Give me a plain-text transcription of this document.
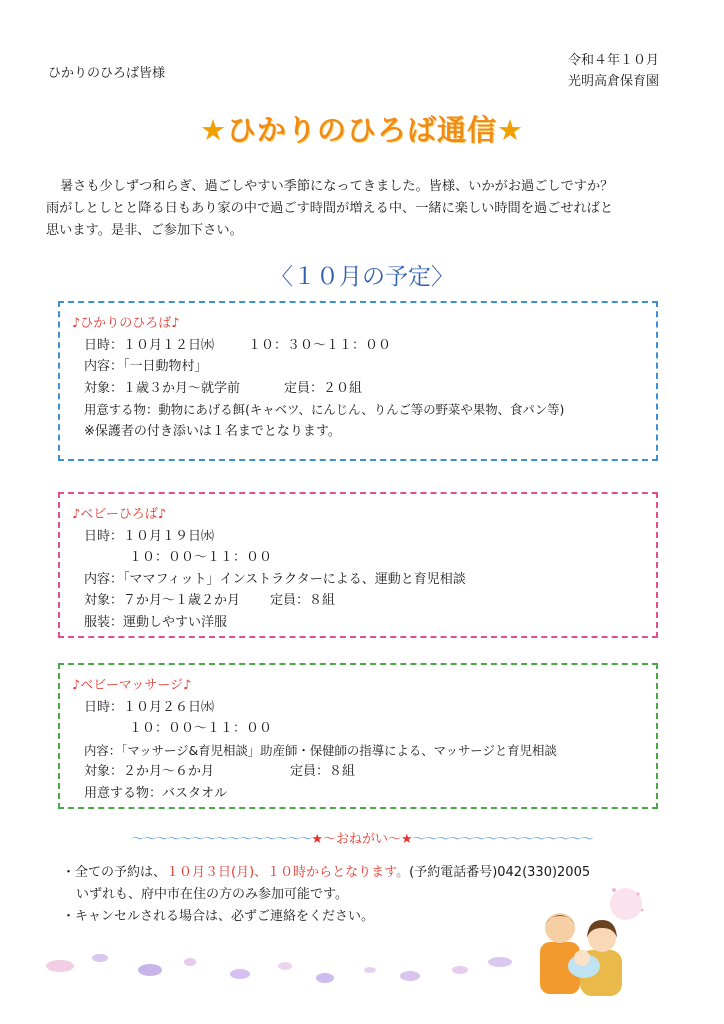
ひかりのひろば皆様
令和４年１０月
光明高倉保育園
★ひかりのひろば通信★
暑さも少しずつ和らぎ、過ごしやすい季節になってきました。皆様、いかがお過ごしですか？
雨がしとしとと降る日もあり家の中で過ごす時間が増える中、一緒に楽しい時間を過ごせればと
思います。是非、ご参加下さい。
〈１０月の予定〉
♪ひかりのひろば♪
日時：１０月１２日㈬	１０：３０～１１：００
内容：「一日動物村」
対象：１歳３か月～就学前	定員：２０組
用意する物：動物にあげる餌(キャベツ、にんじん、りんご等の野菜や果物、食パン等)
※保護者の付き添いは１名までとなります。
♪ベビーひろば♪
日時：１０月１９日㈬
１０：００～１１：００
内容：「ママフィット」インストラクターによる、運動と育児相談
対象：７か月～１歳２か月 定員：８組
服装：運動しやすい洋服
♪ベビーマッサージ♪
日時：１０月２６日㈬
１０：００～１１：００
内容：「マッサージ&育児相談」助産師・保健師の指導による、マッサージと育児相談
対象：２か月～６か月	定員：８組
用意する物：バスタオル
～～～～～～～～～～～～～～～★～おねがい～★～～～～～～～～～～～～～～～
・全ての予約は、１０月３日(月)、１０時からとなります。(予約電話番号)042(330)2005
いずれも、府中市在住の方のみ参加可能です。
・キャンセルされる場合は、必ずご連絡をください。
